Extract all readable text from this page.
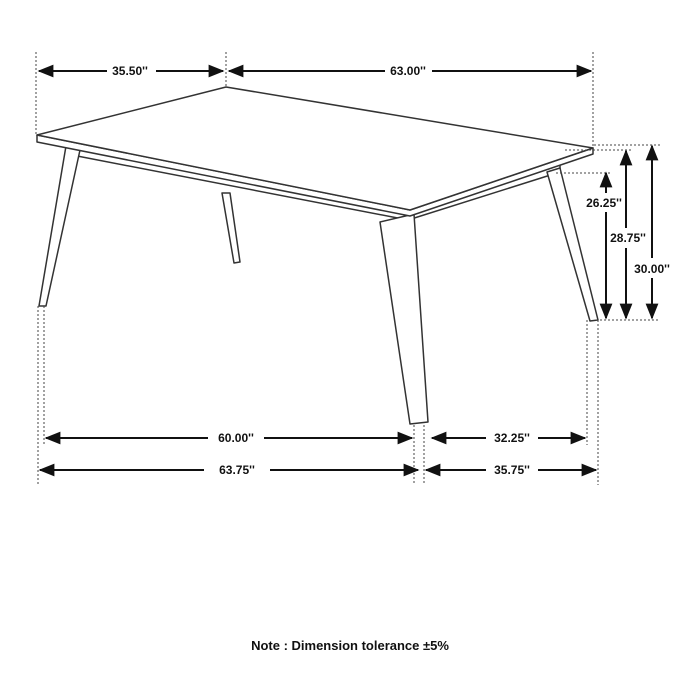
35.50''	63.00''
26.25''
28.75''
30.00''
60.00''	32.25''
63.75''	35.75''
Note : Dimension tolerance ±5%
